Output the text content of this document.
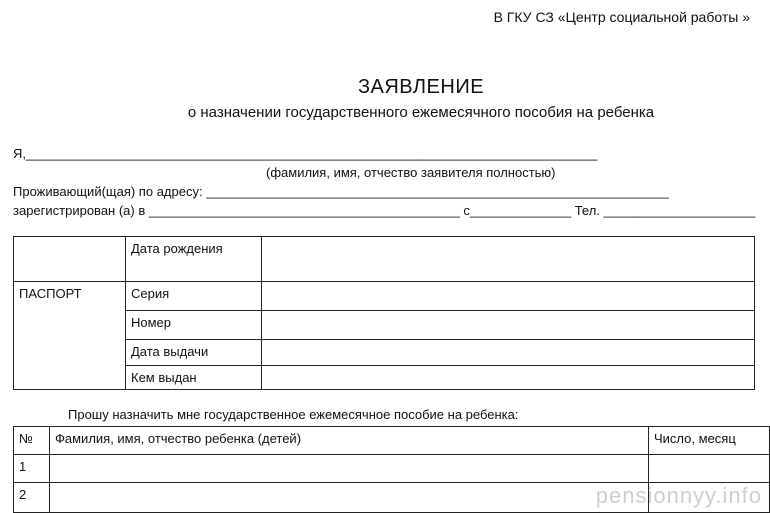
В ГКУ СЗ «Центр социальной работы »
ЗАЯВЛЕНИЕ
о назначении государственного ежемесячного пособия на ребенка
Я,_______________________________________________________________________________
(фамилия, имя, отчество заявителя полностью)
Проживающий(щая) по адресу: ________________________________________________________________
зарегистрирован (а) в ___________________________________________ с______________ Тел. _____________________
	Дата рождения	
ПАСПОРТ	Серия	
	Номер	
	Дата выдачи	
	Кем выдан	
Прошу назначить мне государственное ежемесячное пособие на ребенка:
№	Фамилия, имя, отчество ребенка (детей)	Число, месяц
1		
2			pensionnyy.info
